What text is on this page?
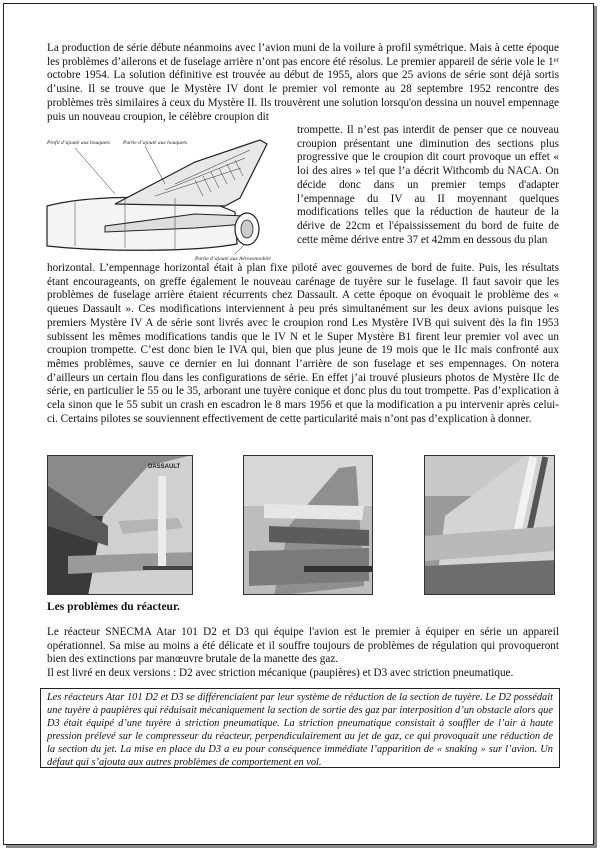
La production de série débute néanmoins avec l’avion muni de la voilure à profil symétrique. Mais à cette époque les problèmes d’ailerons et de fuselage arrière n’ont pas encore été résolus. Le premier appareil de série vole le 1er octobre 1954. La solution définitive est trouvée au début de 1955, alors que 25 avions de série sont déjà sortis d’usine. Il se trouve que le Mystère IV dont le premier vol remonte au 28 septembre 1952 rencontre des problèmes très similaires à ceux du Mystère II. Ils trouvèrent une solution lorsqu'on dessina un nouvel empennage puis un nouveau croupion, le célèbre croupion dit

Profil d’ajouté aux bouquets Partie d’ajouté aux bouquets
Partie d’ajouté aux Aérosonoobile

trompette. Il n’est pas interdit de penser que ce nouveau croupion présentant une diminution des sections plus progressive que le croupion dit court provoque un effet « loi des aires » tel que l’a décrit Withcomb du NACA. On décide donc dans un premier temps d'adapter l’empennage du IV au II moyennant quelques modifications telles que la réduction de hauteur de la dérive de 22cm et l'épaississement du bord de fuite de cette même dérive entre 37 et 42mm en dessous du plan

horizontal. L’empennage horizontal était à plan fixe piloté avec gouvernes de bord de fuite. Puis, les résultats étant encourageants, on greffe également le nouveau carénage de tuyère sur le fuselage. Il faut savoir que les problèmes de fuselage arrière étaient récurrents chez Dassault. A cette époque on évoquait le problème des « queues Dassault ». Ces modifications interviennent à peu prés simultanément sur les deux avions puisque les premiers Mystère IV A de série sont livrés avec le croupion rond Les Mystère IVB qui suivent dès la fin 1953 subissent les mêmes modifications tandis que le IV N et le Super Mystère B1 firent leur premier vol avec un croupion trompette. C’est donc bien le IVA qui, bien que plus jeune de 19 mois que le IIc mais confronté aux mêmes problèmes, sauve ce dernier en lui donnant l’arrière de son fuselage et ses empennages. On notera d’ailleurs un certain flou dans les configurations de série. En effet j’ai trouvé plusieurs photos de Mystère IIc de série, en particulier le 55 ou le 35, arborant une tuyère conique et donc plus du tout trompette. Pas d’explication à cela sinon que le 55 subit un crash en escadron le 8 mars 1956 et que la modification a pu intervenir après celui-ci. Certains pilotes se souviennent effectivement de cette particularité mais n’ont pas d’explication à donner.

DASSAULT
Les problèmes du réacteur.

Le réacteur SNECMA Atar 101 D2 et D3 qui équipe l'avion est le premier à équiper en série un appareil opérationnel. Sa mise au moins a été délicate et il souffre toujours de problèmes de régulation qui provoqueront bien des extinctions par manœuvre brutale de la manette des gaz.

Il est livré en deux versions : D2 avec striction mécanique (paupières) et D3 avec striction pneumatique.

Les réacteurs Atar 101 D2 et D3 se différenciaient par leur système de réduction de la section de tuyère. Le D2 possédait une tuyère à paupières qui réduisait mécaniquement la section de sortie des gaz par interposition d’un obstacle alors que D3 était équipé d’une tuyère à striction pneumatique. La striction pneumatique consistait à souffler de l’air à haute pression prélevé sur le compresseur du réacteur, perpendiculairement au jet de gaz, ce qui provoquait une réduction de la section du jet. La mise en place du D3 a eu pour conséquence immédiate l’apparition de « snaking » sur l’avion. Un défaut qui s’ajouta aux autres problèmes de comportement en vol.
